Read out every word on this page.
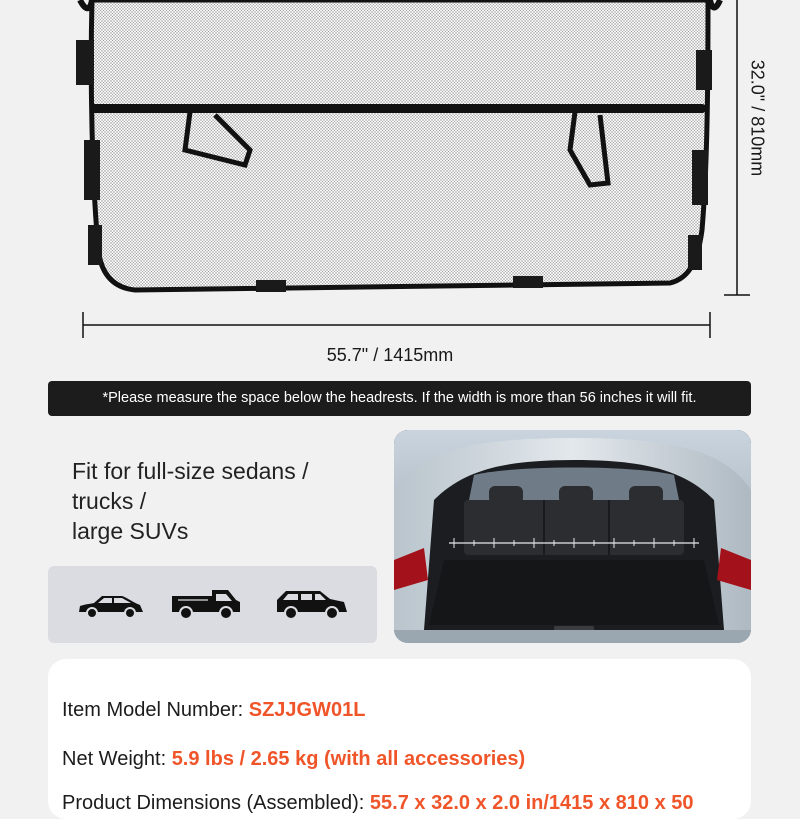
32.0" / 810mm
55.7" / 1415mm
*Please measure the space below the headrests. If the width is more than 56 inches it will fit.
Fit for full-size sedans /
trucks /
large SUVs
Item Model Number: SZJJGW01L
Net Weight: 5.9 lbs / 2.65 kg (with all accessories)
Product Dimensions (Assembled): 55.7 x 32.0 x 2.0 in/1415 x 810 x 50
